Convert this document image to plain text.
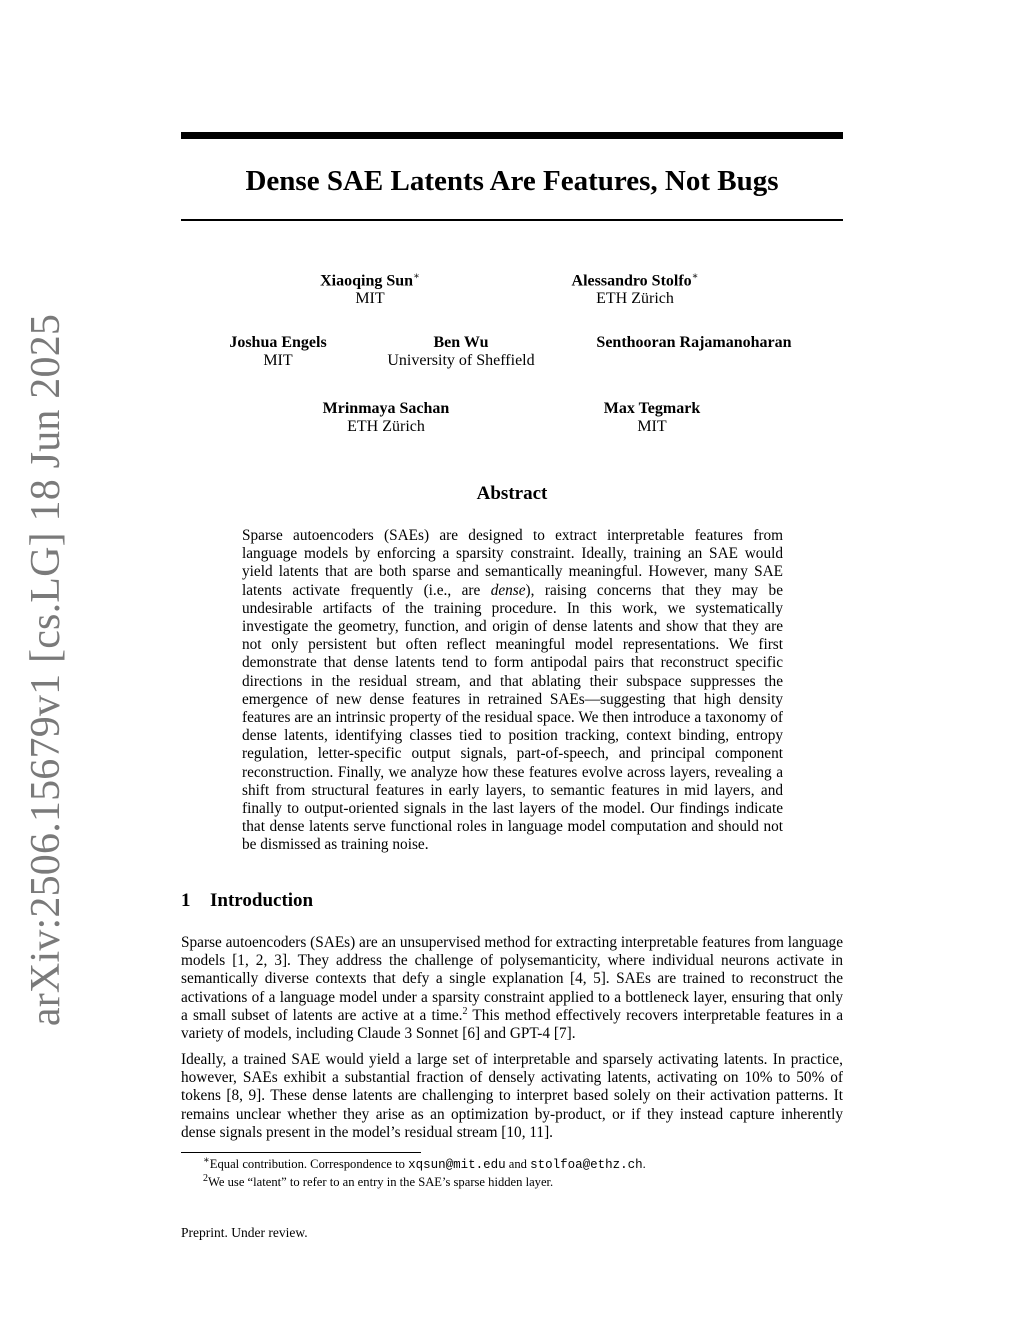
arXiv:2506.15679v1 [cs.LG] 18 Jun 2025
Dense SAE Latents Are Features, Not Bugs
Xiaoqing Sun∗
MIT
Alessandro Stolfo∗
ETH Zürich
Joshua Engels
MIT
Ben Wu
University of Sheffield
Senthooran Rajamanoharan
Mrinmaya Sachan
ETH Zürich
Max Tegmark
MIT
Abstract
Sparse autoencoders (SAEs) are designed to extract interpretable features from language models by enforcing a sparsity constraint. Ideally, training an SAE would yield latents that are both sparse and semantically meaningful. However, many SAE latents activate frequently (i.e., are dense), raising concerns that they may be undesirable artifacts of the training procedure. In this work, we systematically investigate the geometry, function, and origin of dense latents and show that they are not only persistent but often reflect meaningful model representations. We first demonstrate that dense latents tend to form antipodal pairs that reconstruct specific directions in the residual stream, and that ablating their subspace suppresses the emergence of new dense features in retrained SAEs—suggesting that high density features are an intrinsic property of the residual space. We then introduce a taxonomy of dense latents, identifying classes tied to position tracking, context binding, entropy regulation, letter-specific output signals, part-of-speech, and principal component reconstruction. Finally, we analyze how these features evolve across layers, revealing a shift from structural features in early layers, to semantic features in mid layers, and finally to output-oriented signals in the last layers of the model. Our findings indicate that dense latents serve functional roles in language model computation and should not be dismissed as training noise.
1 Introduction
Sparse autoencoders (SAEs) are an unsupervised method for extracting interpretable features from language models [1, 2, 3]. They address the challenge of polysemanticity, where individual neurons activate in semantically diverse contexts that defy a single explanation [4, 5]. SAEs are trained to reconstruct the activations of a language model under a sparsity constraint applied to a bottleneck layer, ensuring that only a small subset of latents are active at a time.$^2$ This method effectively recovers interpretable features in a variety of models, including Claude 3 Sonnet [6] and GPT-4 [7].
Ideally, a trained SAE would yield a large set of interpretable and sparsely activating latents. In practice, however, SAEs exhibit a substantial fraction of densely activating latents, activating on 10% to 50% of tokens [8, 9]. These dense latents are challenging to interpret based solely on their activation patterns. It remains unclear whether they arise as an optimization by-product, or if they instead capture inherently dense signals present in the model’s residual stream [10, 11].
∗Equal contribution. Correspondence to xqsun@mit.edu and stolfoa@ethz.ch.
$^2$We use “latent” to refer to an entry in the SAE’s sparse hidden layer.
Preprint. Under review.
